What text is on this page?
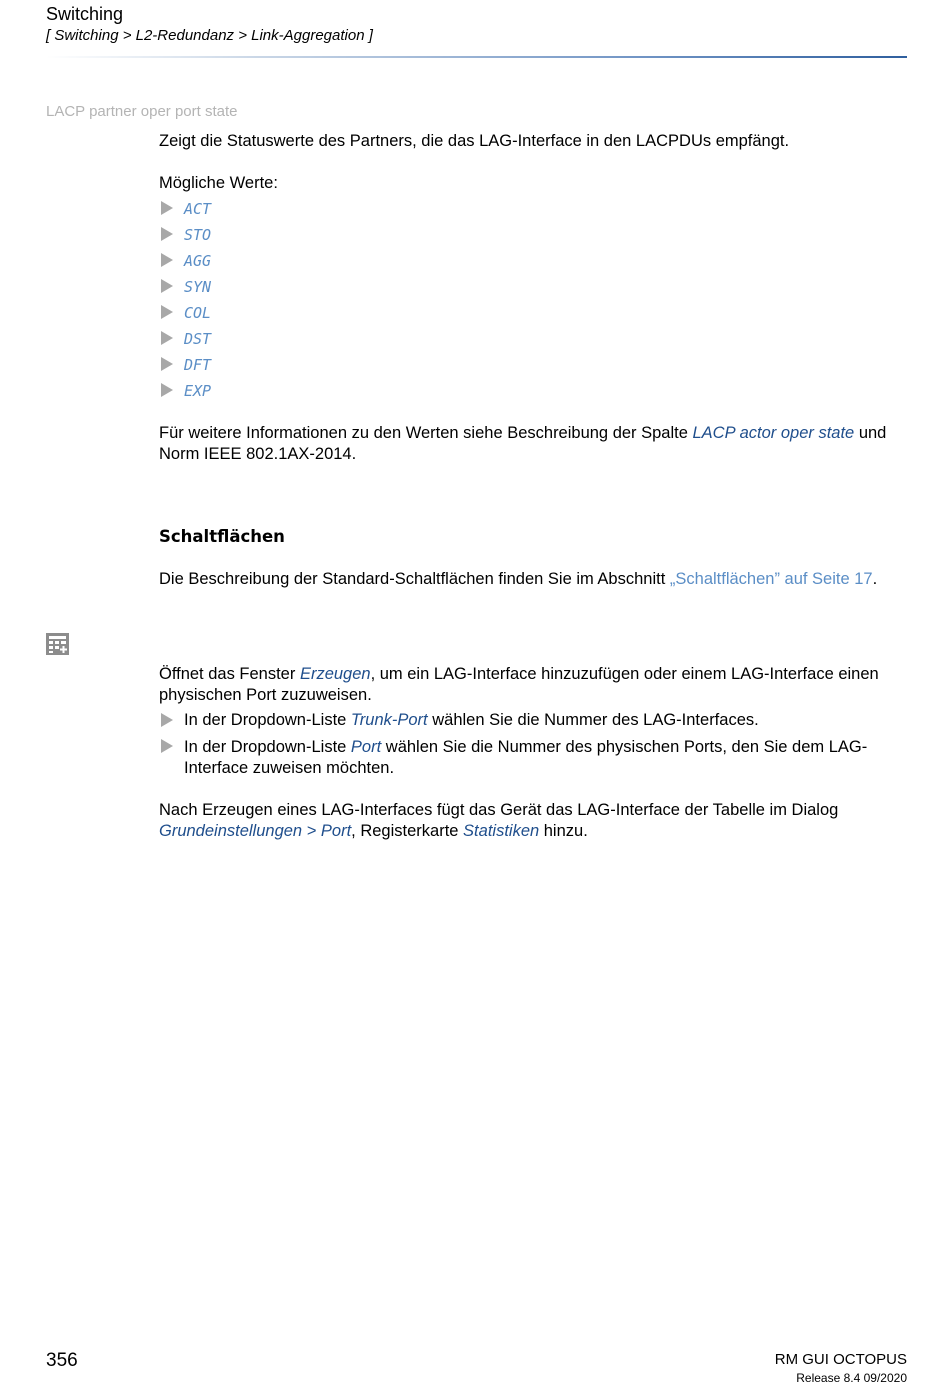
Switching
[ Switching > L2-Redundanz > Link-Aggregation ]
LACP partner oper port state
Zeigt die Statuswerte des Partners, die das LAG-Interface in den LACPDUs empfängt.
Mögliche Werte:
ACT
STO
AGG
SYN
COL
DST
DFT
EXP
Für weitere Informationen zu den Werten siehe Beschreibung der Spalte LACP actor oper state und
Norm IEEE 802.1AX-2014.
Schaltflächen
Die Beschreibung der Standard-Schaltflächen finden Sie im Abschnitt „Schaltflächen” auf Seite 17.
Öffnet das Fenster Erzeugen, um ein LAG-Interface hinzuzufügen oder einem LAG-Interface einen
physischen Port zuzuweisen.
In der Dropdown-Liste Trunk-Port wählen Sie die Nummer des LAG-Interfaces.
In der Dropdown-Liste Port wählen Sie die Nummer des physischen Ports, den Sie dem LAG-
Interface zuweisen möchten.
Nach Erzeugen eines LAG-Interfaces fügt das Gerät das LAG-Interface der Tabelle im Dialog
Grundeinstellungen > Port, Registerkarte Statistiken hinzu.
356	RM GUI OCTOPUS
Release 8.4 09/2020
